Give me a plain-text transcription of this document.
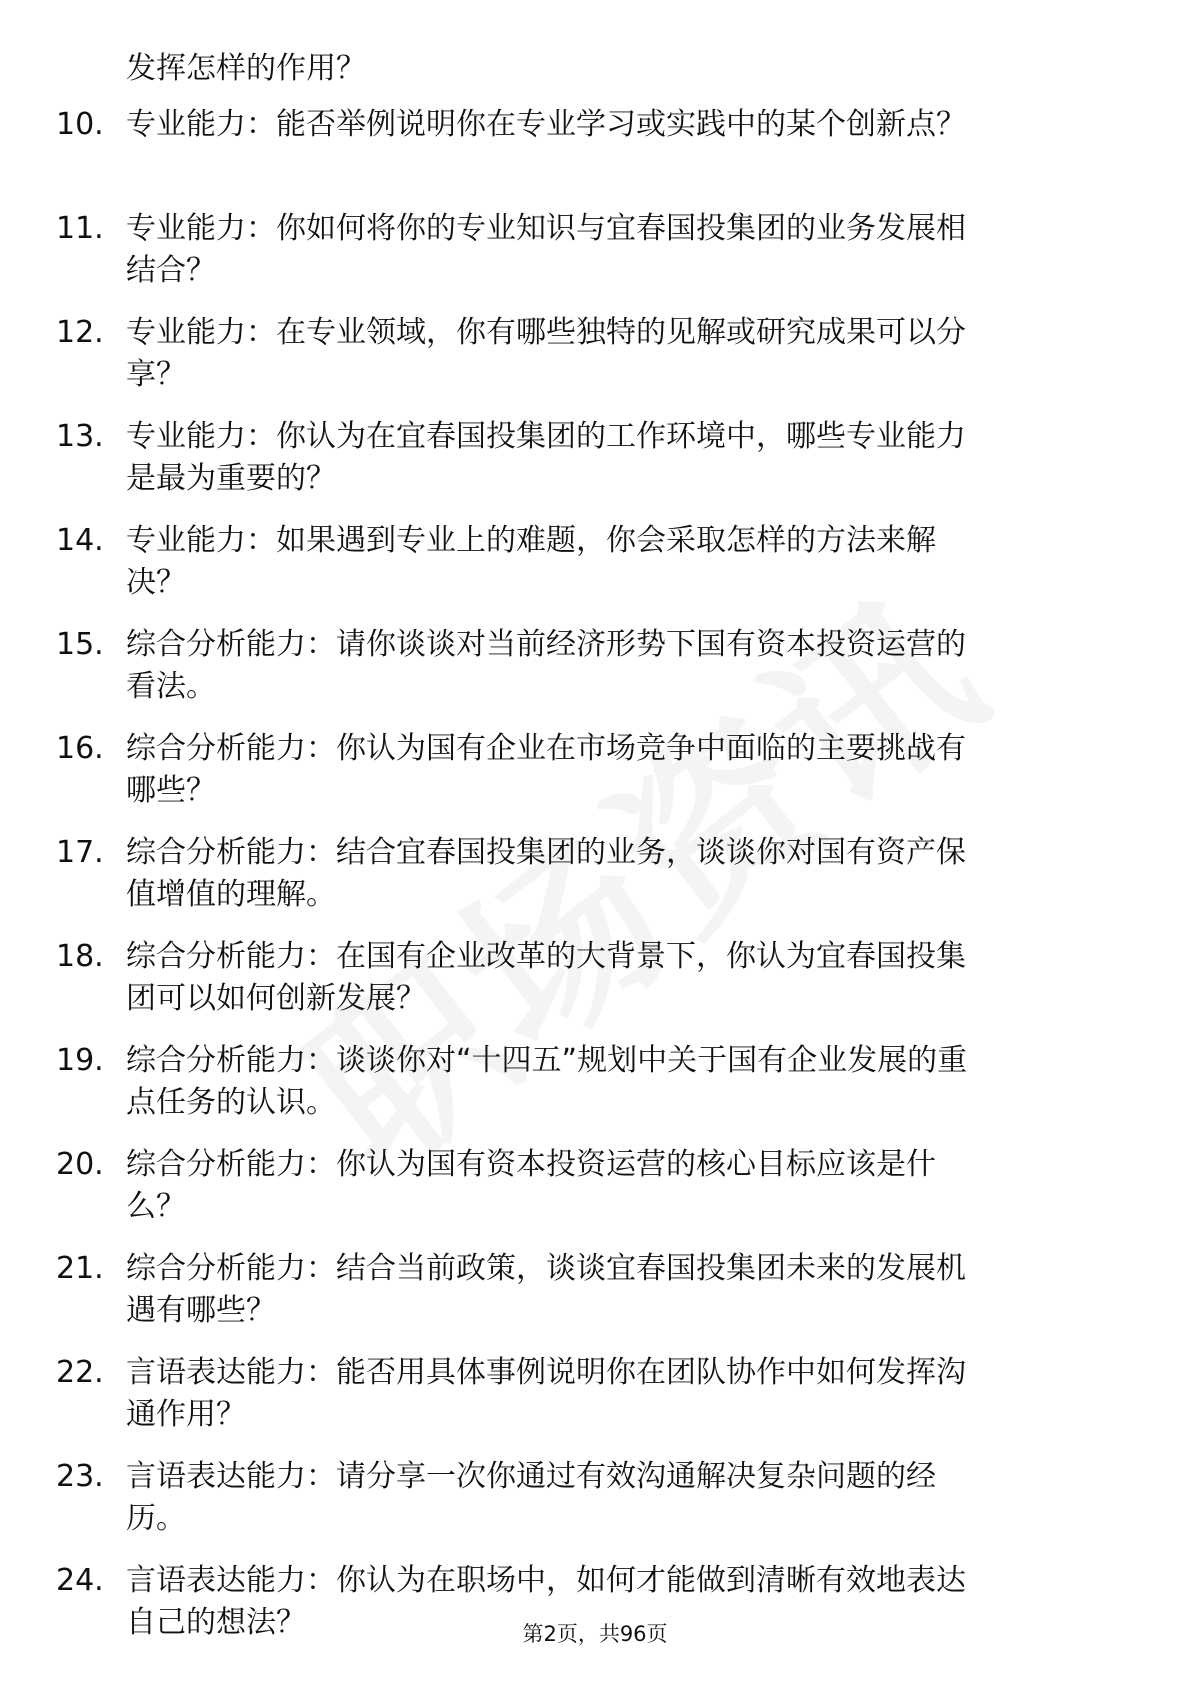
发挥怎样的作用？
10. 专业能力：能否举例说明你在专业学习或实践中的某个创新点？
11. 专业能力：你如何将你的专业知识与宜春国投集团的业务发展相
结合？
12. 专业能力：在专业领域，你有哪些独特的见解或研究成果可以分
享？
13. 专业能力：你认为在宜春国投集团的工作环境中，哪些专业能力
是最为重要的？
14. 专业能力：如果遇到专业上的难题，你会采取怎样的方法来解
决？
15. 综合分析能力：请你谈谈对当前经济形势下国有资本投资运营的
看法。
16. 综合分析能力：你认为国有企业在市场竞争中面临的主要挑战有
哪些？
17. 综合分析能力：结合宜春国投集团的业务，谈谈你对国有资产保
值增值的理解。
18. 综合分析能力：在国有企业改革的大背景下，你认为宜春国投集
团可以如何创新发展？
19. 综合分析能力：谈谈你对“十四五”规划中关于国有企业发展的重
点任务的认识。
20. 综合分析能力：你认为国有资本投资运营的核心目标应该是什
么？
21. 综合分析能力：结合当前政策，谈谈宜春国投集团未来的发展机
遇有哪些？
22. 言语表达能力：能否用具体事例说明你在团队协作中如何发挥沟
通作用？
23. 言语表达能力：请分享一次你通过有效沟通解决复杂问题的经
历。
24. 言语表达能力：你认为在职场中，如何才能做到清晰有效地表达
自己的想法？	第2页，共96页
